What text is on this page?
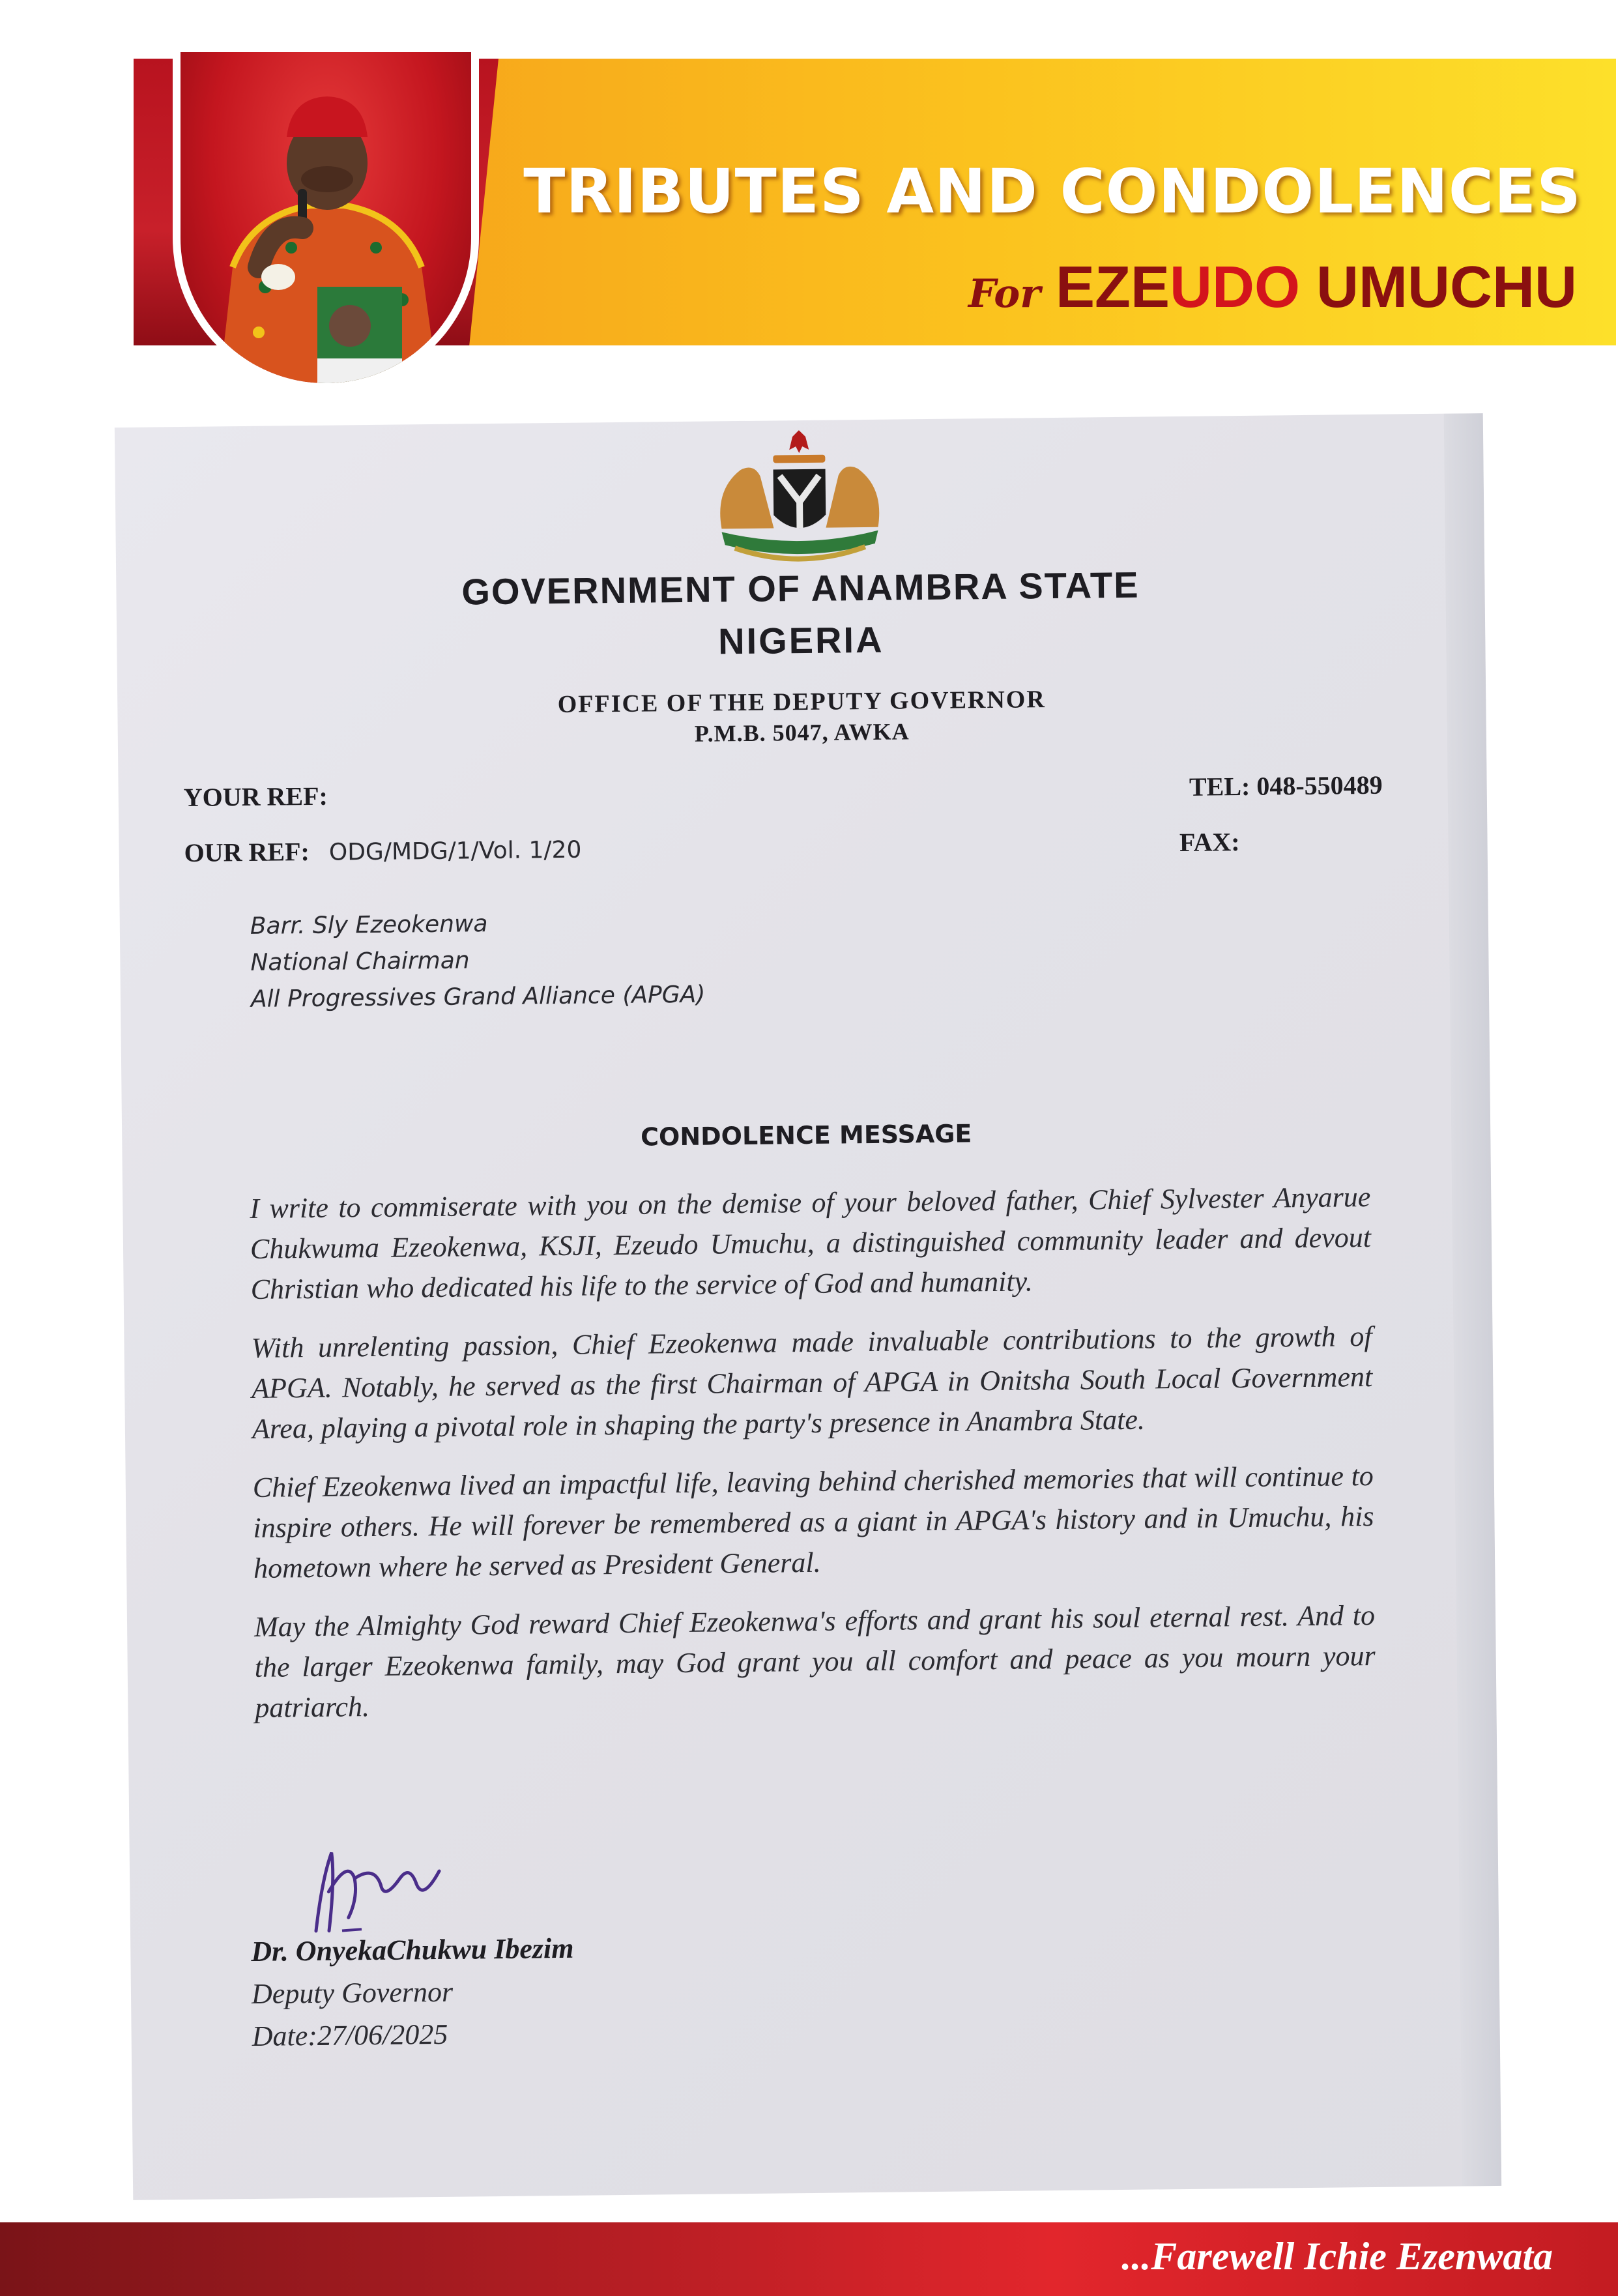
TRIBUTES AND CONDOLENCES
For EZEUDO UMUCHU
GOVERNMENT OF ANAMBRA STATE
NIGERIA
OFFICE OF THE DEPUTY GOVERNOR
P.M.B. 5047, AWKA
YOUR REF:
OUR REF: ODG/MDG/1/Vol. 1/20
TEL: 048-550489
FAX:
Barr. Sly Ezeokenwa
National Chairman
All Progressives Grand Alliance (APGA)
CONDOLENCE MESSAGE

I write to commiserate with you on the demise of your beloved father, Chief Sylvester Anyarue Chukwuma Ezeokenwa, KSJI, Ezeudo Umuchu, a distinguished community leader and devout Christian who dedicated his life to the service of God and humanity.

With unrelenting passion, Chief Ezeokenwa made invaluable contributions to the growth of APGA. Notably, he served as the first Chairman of APGA in Onitsha South Local Government Area, playing a pivotal role in shaping the party's presence in Anambra State.

Chief Ezeokenwa lived an impactful life, leaving behind cherished memories that will continue to inspire others. He will forever be remembered as a giant in APGA's history and in Umuchu, his hometown where he served as President General.

May the Almighty God reward Chief Ezeokenwa's efforts and grant his soul eternal rest. And to the larger Ezeokenwa family, may God grant you all comfort and peace as you mourn your patriarch.

Dr. OnyekaChukwu Ibezim
Deputy Governor
Date:27/06/2025
...Farewell Ichie Ezenwata
